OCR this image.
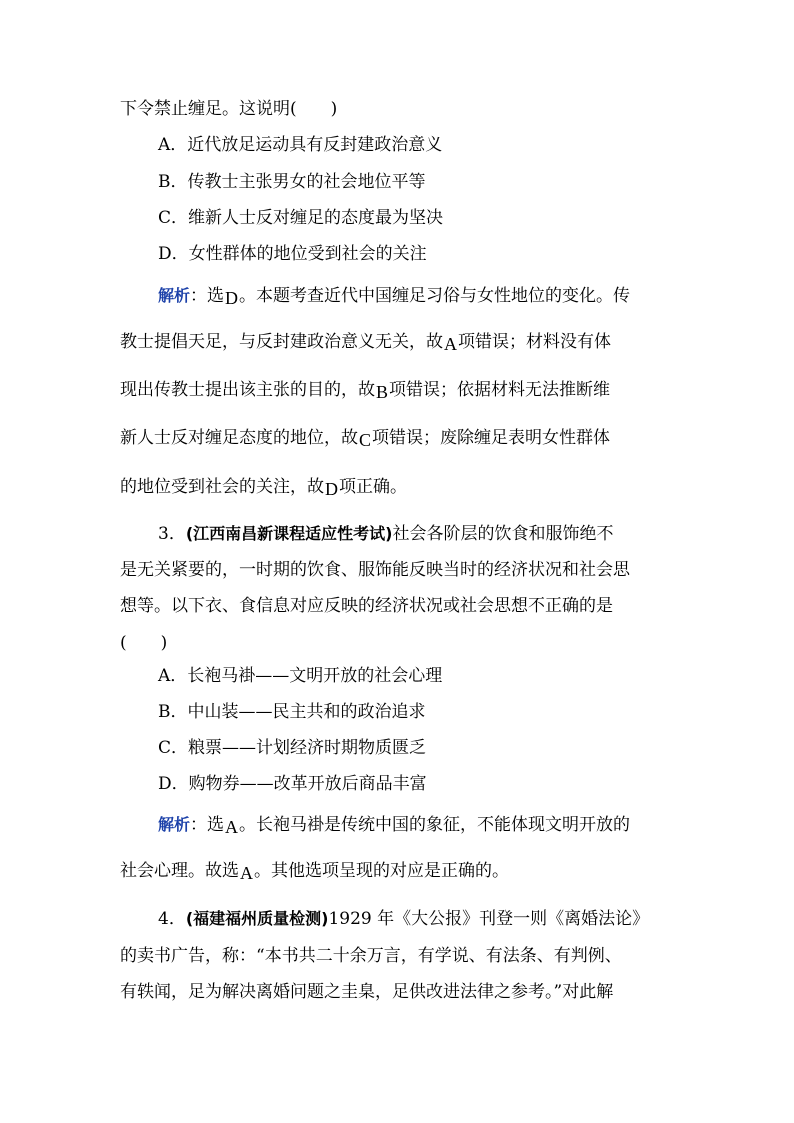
下令禁止缠足。这说明(　　)
A．近代放足运动具有反封建政治意义
B．传教士主张男女的社会地位平等
C．维新人士反对缠足的态度最为坚决
D．女性群体的地位受到社会的关注
解析：选D。本题考查近代中国缠足习俗与女性地位的变化。传
教士提倡天足，与反封建政治意义无关，故A项错误；材料没有体
现出传教士提出该主张的目的，故B项错误；依据材料无法推断维
新人士反对缠足态度的地位，故C项错误；废除缠足表明女性群体
的地位受到社会的关注，故D项正确。
3．(江西南昌新课程适应性考试)社会各阶层的饮食和服饰绝不
是无关紧要的，一时期的饮食、服饰能反映当时的经济状况和社会思
想等。以下衣、食信息对应反映的经济状况或社会思想不正确的是
(　　)
A．长袍马褂——文明开放的社会心理
B．中山装——民主共和的政治追求
C．粮票——计划经济时期物质匮乏
D．购物券——改革开放后商品丰富
解析：选A。长袍马褂是传统中国的象征，不能体现文明开放的
社会心理。故选A。其他选项呈现的对应是正确的。
4．(福建福州质量检测)1929 年《大公报》刊登一则《离婚法论》
的卖书广告，称：“本书共二十余万言，有学说、有法条、有判例、
有轶闻，足为解决离婚问题之圭臬，足供改进法律之参考。”对此解
